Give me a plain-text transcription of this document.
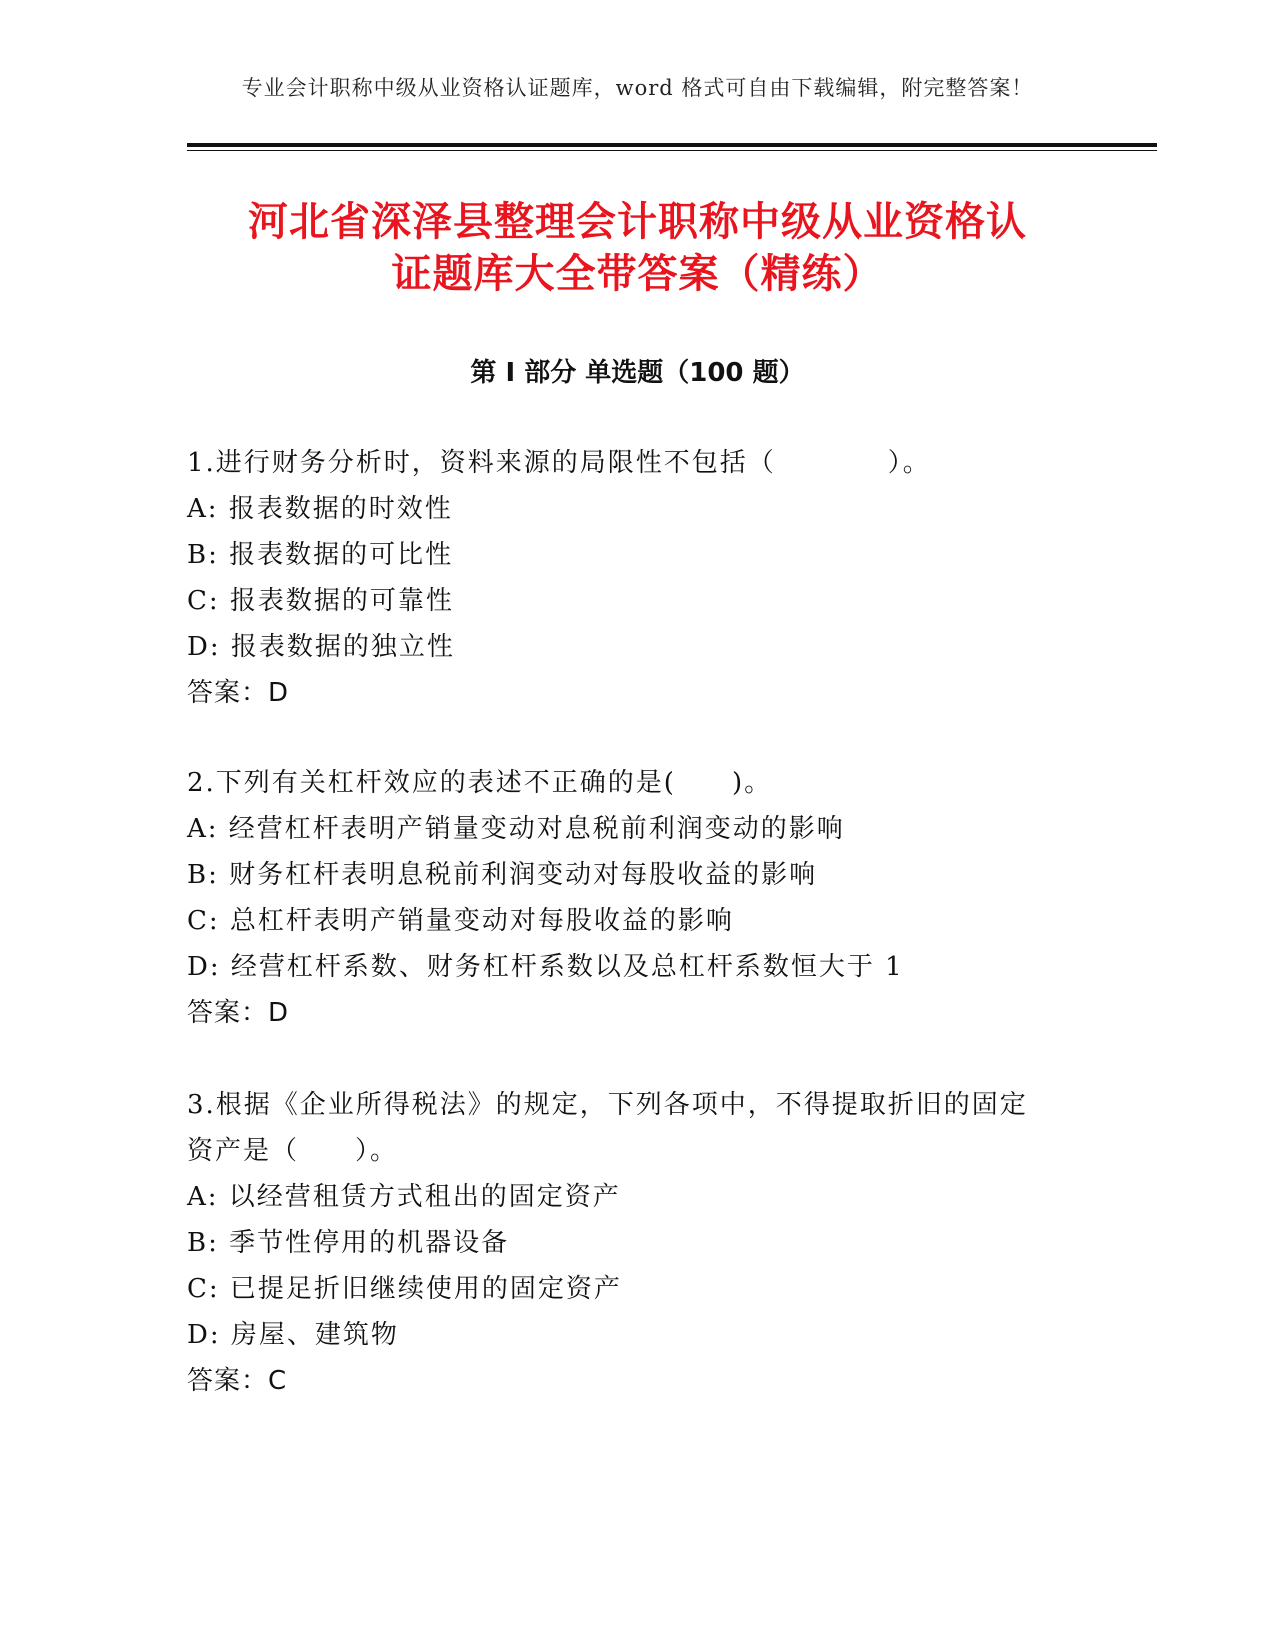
专业会计职称中级从业资格认证题库，word 格式可自由下载编辑，附完整答案！
河北省深泽县整理会计职称中级从业资格认
证题库大全带答案（精练）
第 I 部分 单选题（100 题）
1.进行财务分析时，资料来源的局限性不包括（　　　　）。
A: 报表数据的时效性
B: 报表数据的可比性
C: 报表数据的可靠性
D: 报表数据的独立性
答案：D
2.下列有关杠杆效应的表述不正确的是(　　)。
A: 经营杠杆表明产销量变动对息税前利润变动的影响
B: 财务杠杆表明息税前利润变动对每股收益的影响
C: 总杠杆表明产销量变动对每股收益的影响
D: 经营杠杆系数、财务杠杆系数以及总杠杆系数恒大于 1
答案：D
3.根据《企业所得税法》的规定，下列各项中，不得提取折旧的固定
资产是（　　）。
A: 以经营租赁方式租出的固定资产
B: 季节性停用的机器设备
C: 已提足折旧继续使用的固定资产
D: 房屋、建筑物
答案：C
